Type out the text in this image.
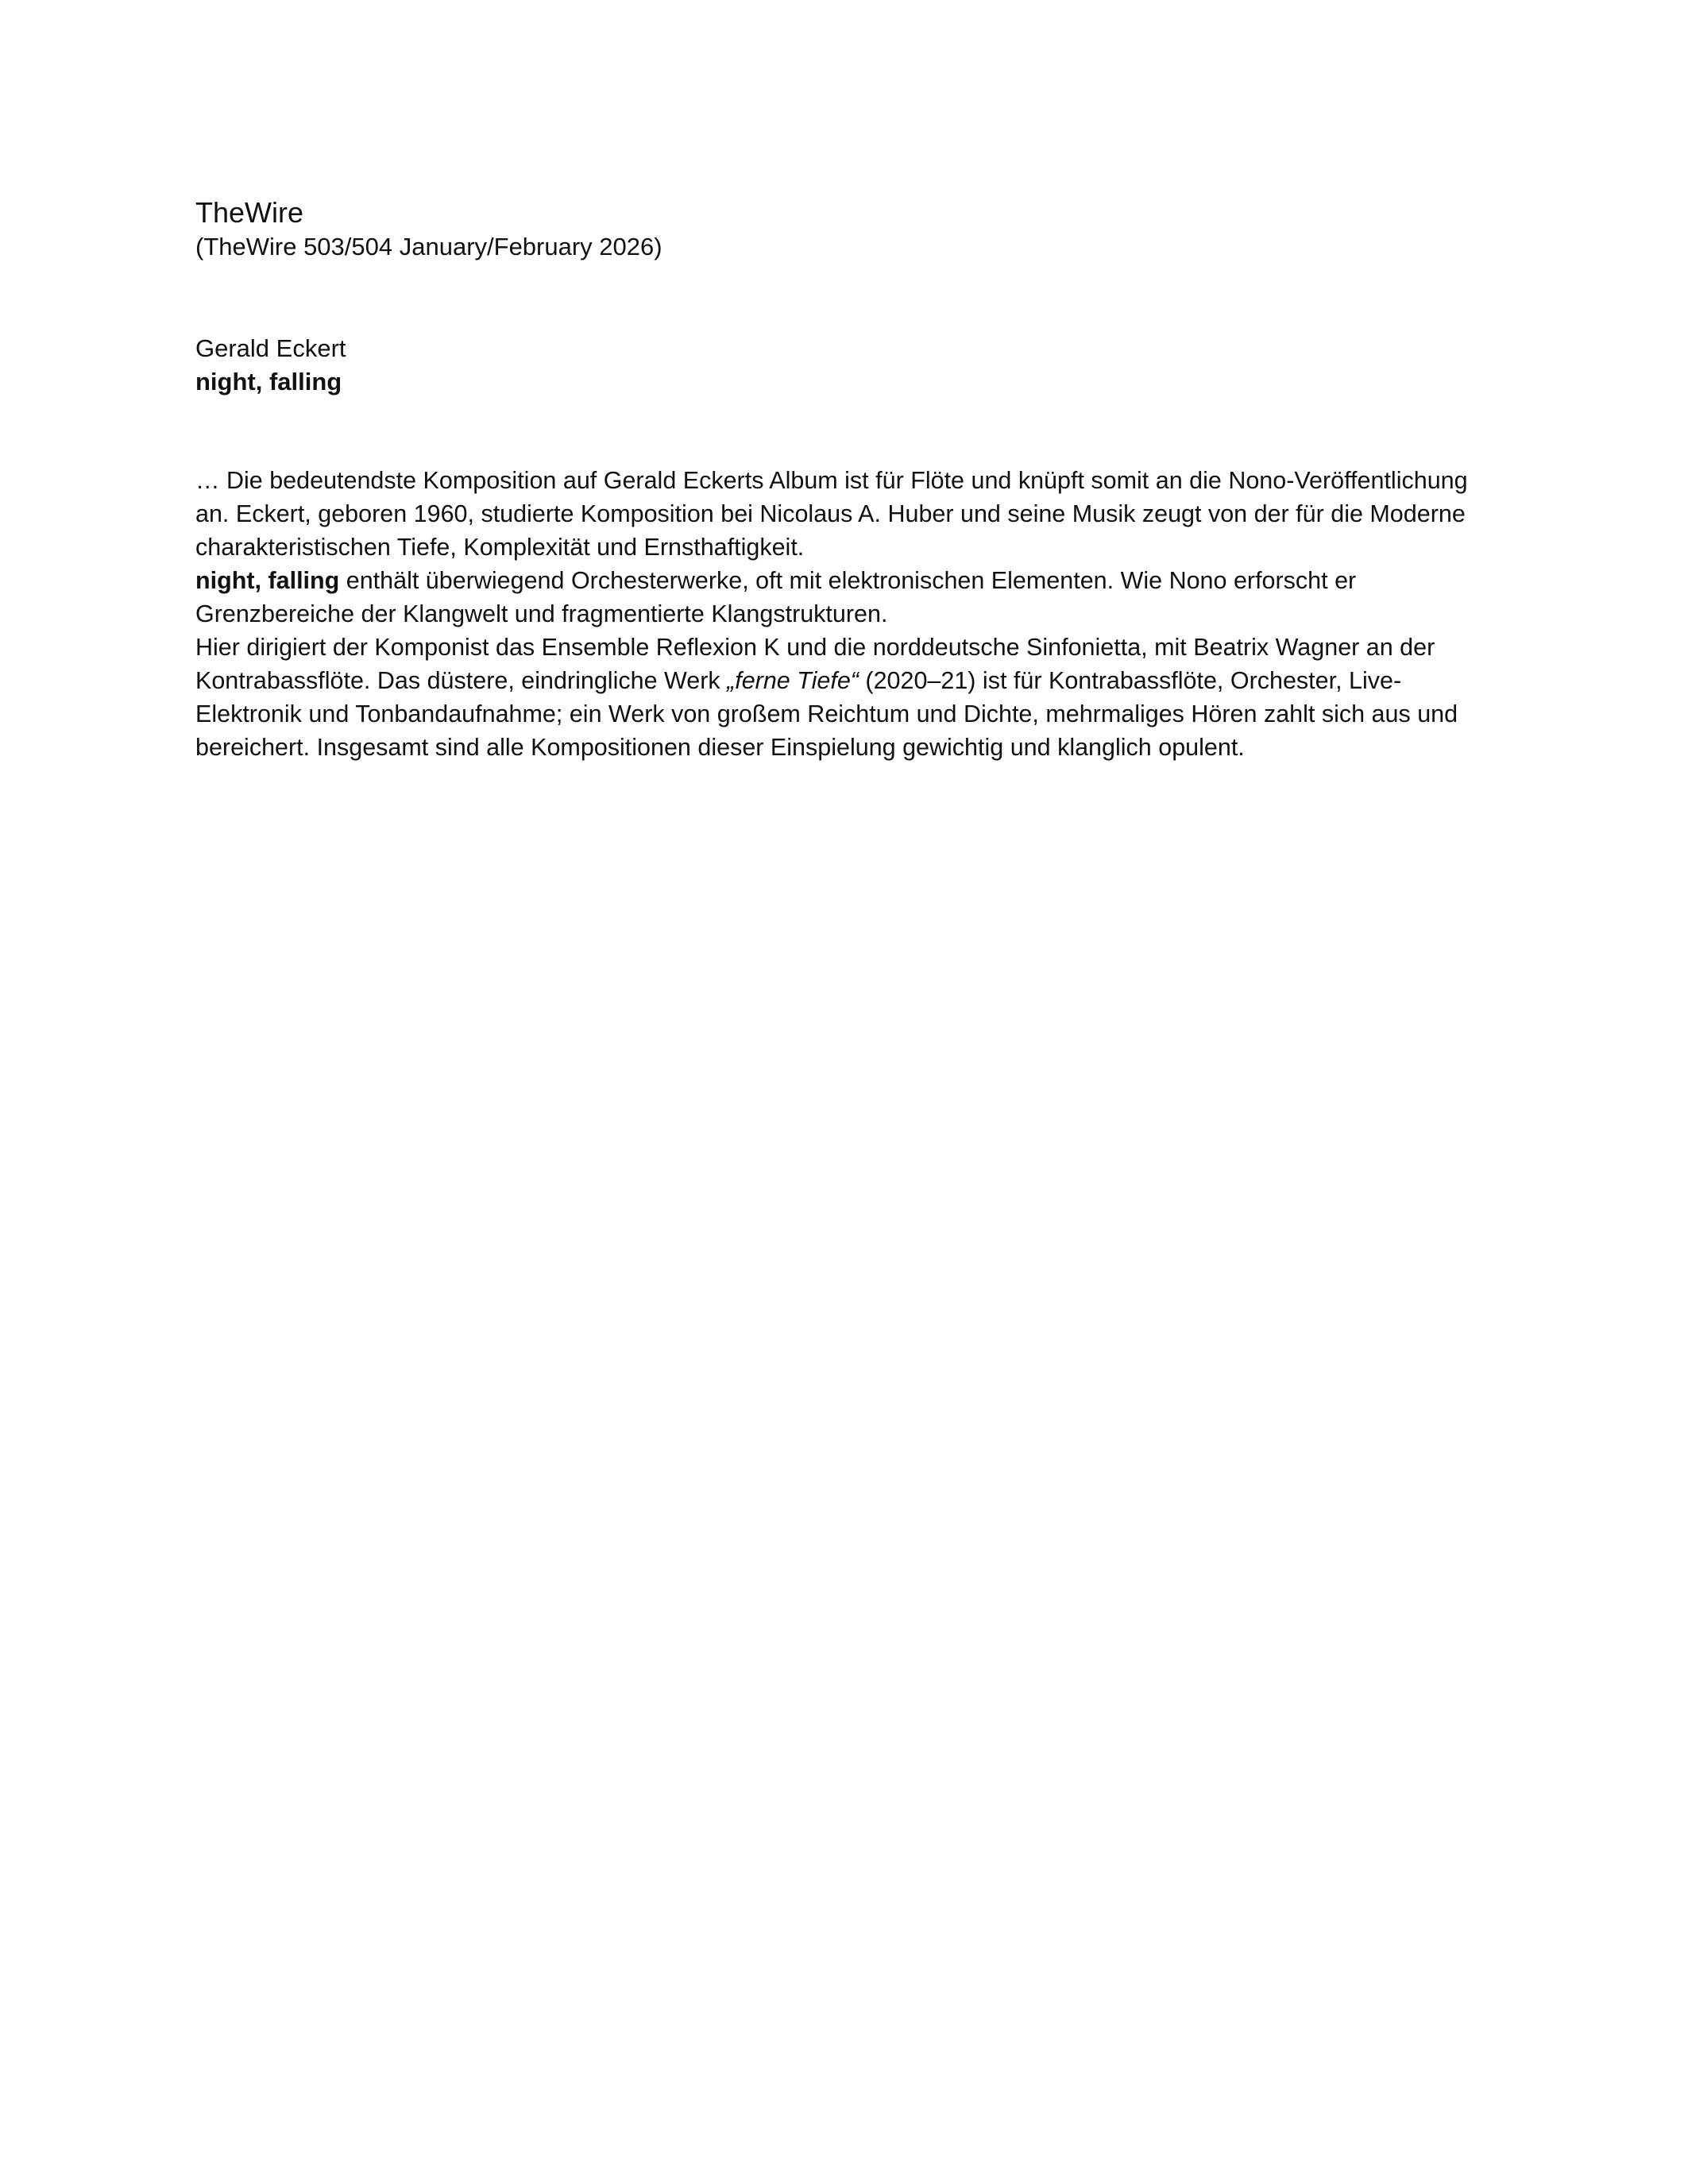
TheWire

(TheWire 503/504 January/February 2026)

Gerald Eckert

night, falling

… Die bedeutendste Komposition auf Gerald Eckerts Album ist für Flöte und knüpft somit an die Nono-Veröffentlichung an. Eckert, geboren 1960, studierte Komposition bei Nicolaus A. Huber und seine Musik zeugt von der für die Moderne charakteristischen Tiefe, Komplexität und Ernsthaftigkeit.

night, falling enthält überwiegend Orchesterwerke, oft mit elektronischen Elementen. Wie Nono erforscht er Grenzbereiche der Klangwelt und fragmentierte Klangstrukturen.

Hier dirigiert der Komponist das Ensemble Reflexion K und die norddeutsche Sinfonietta, mit Beatrix Wagner an der Kontrabassflöte. Das düstere, eindringliche Werk „ferne Tiefe“ (2020–21) ist für Kontrabassflöte, Orchester, Live-Elektronik und Tonbandaufnahme; ein Werk von großem Reichtum und Dichte, mehrmaliges Hören zahlt sich aus und bereichert. Insgesamt sind alle Kompositionen dieser Einspielung gewichtig und klanglich opulent.
